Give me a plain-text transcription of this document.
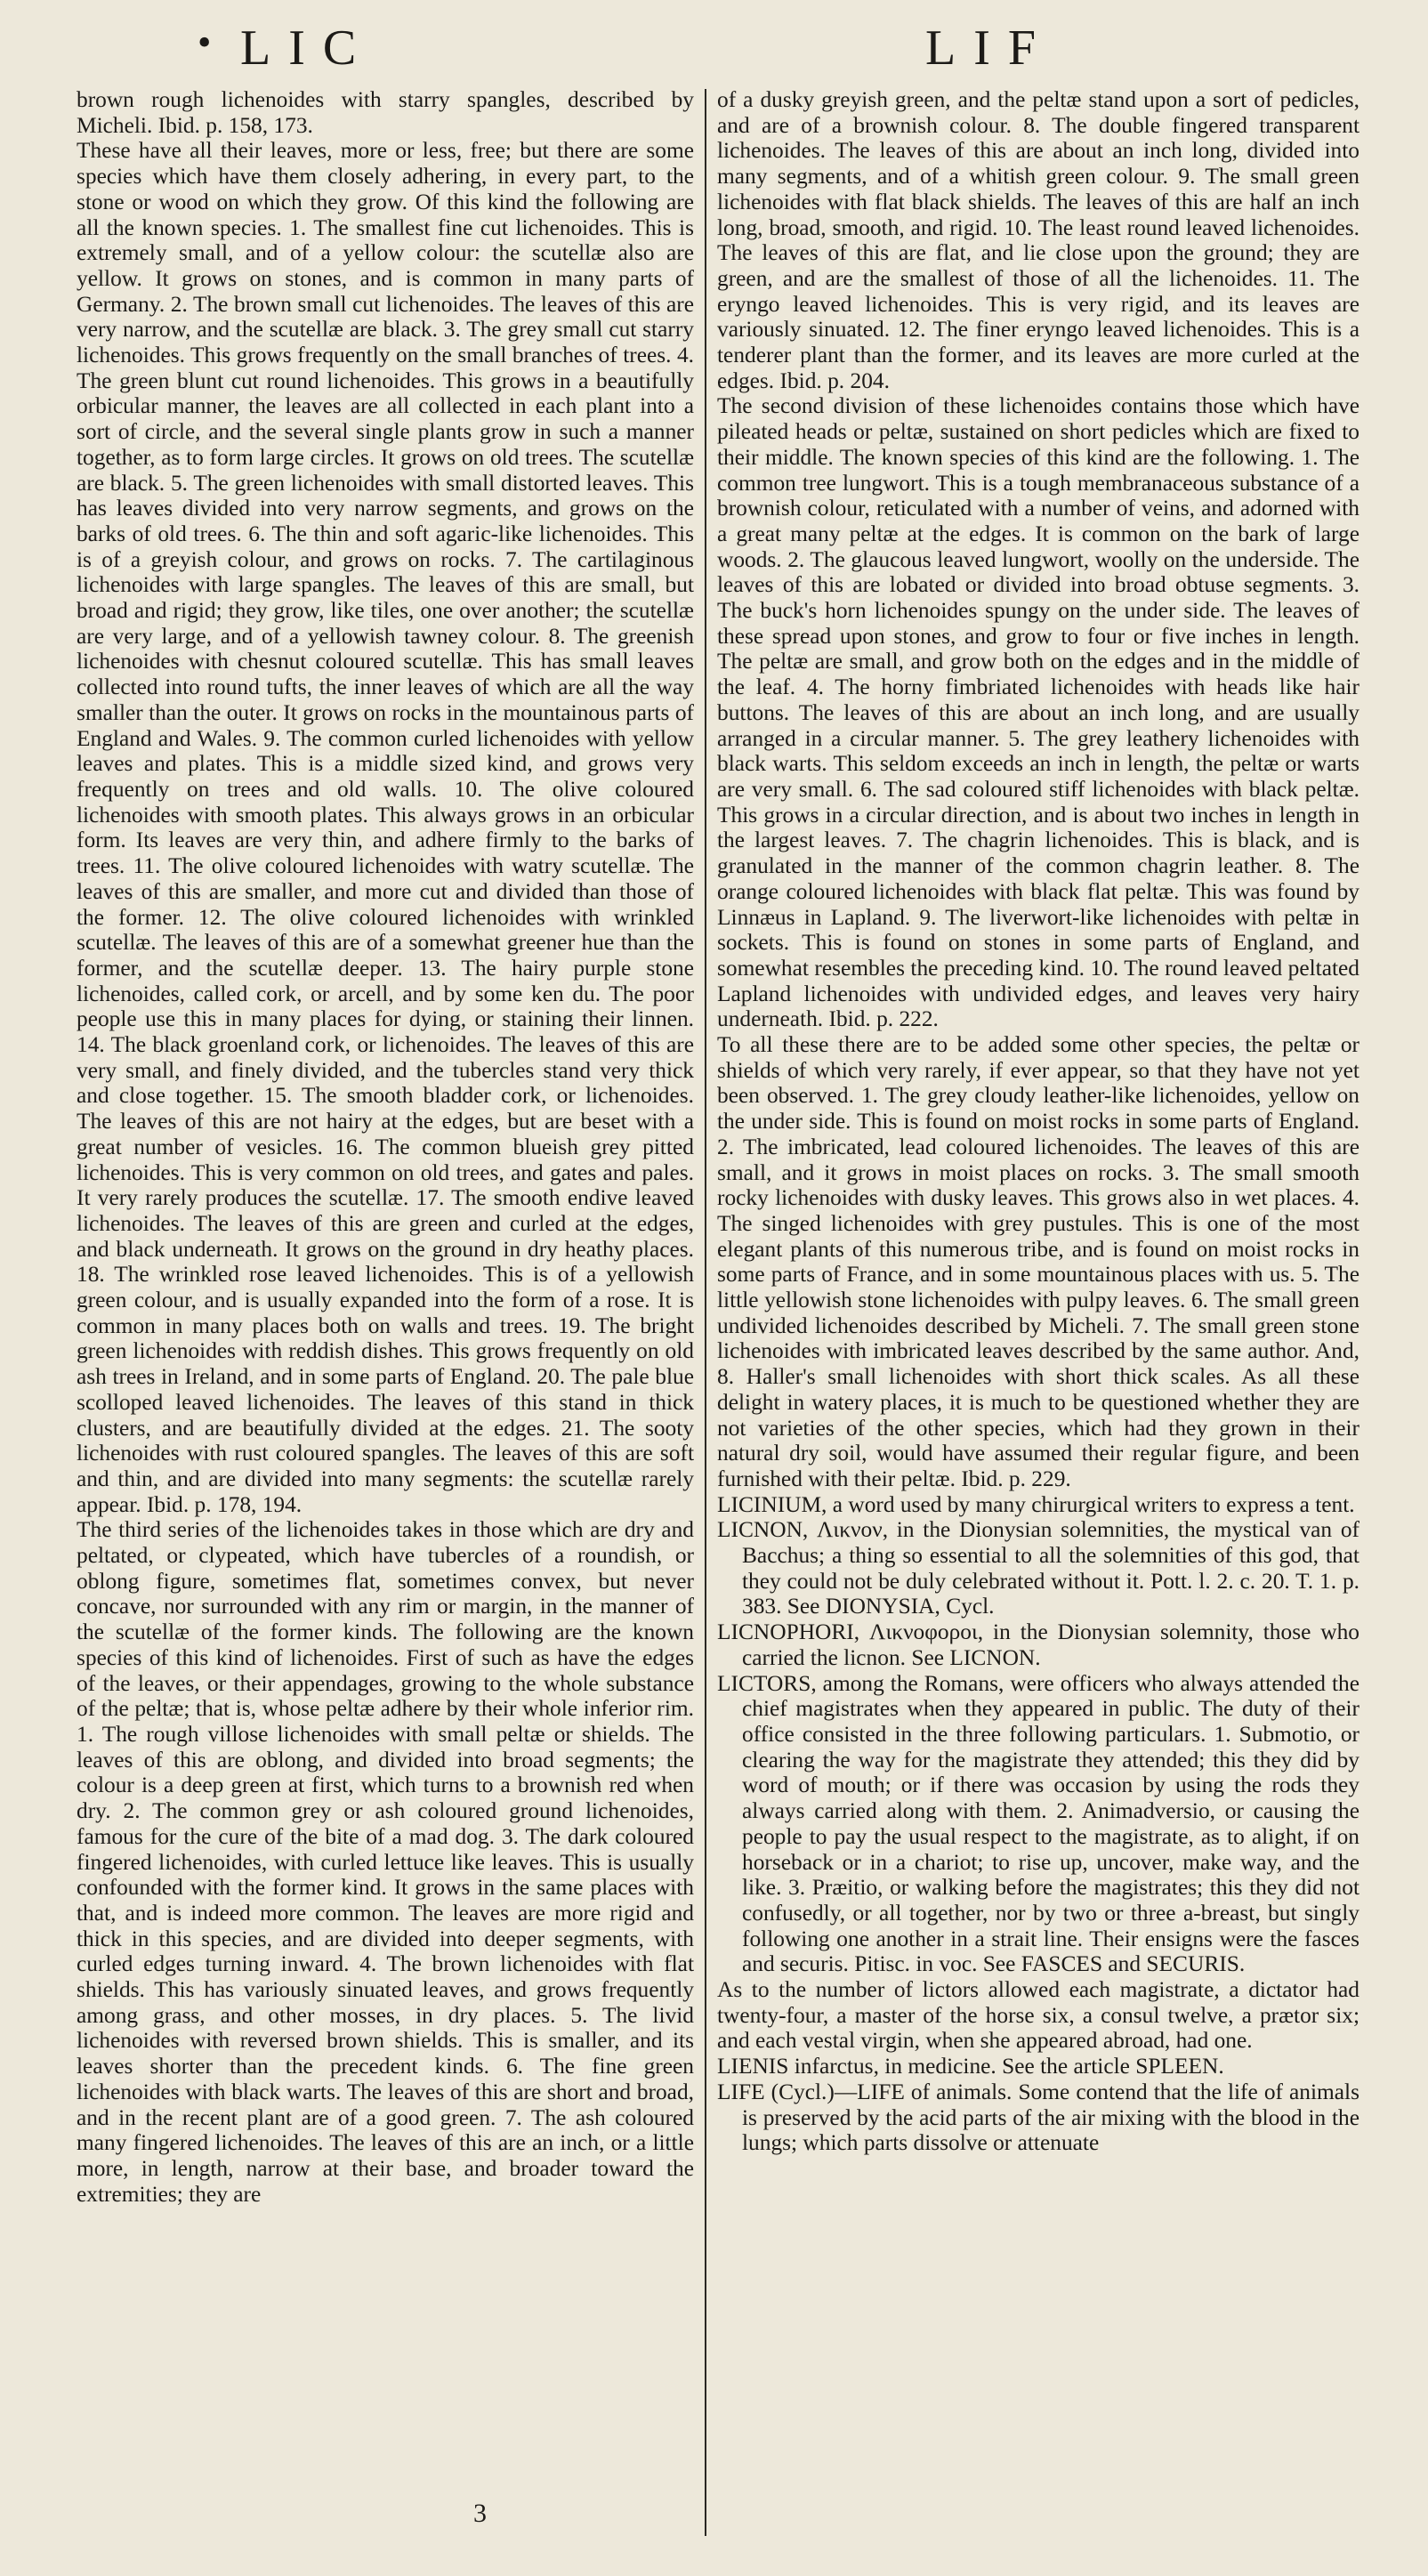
• LIC	LIF

brown rough lichenoides with starry spangles, described by Micheli. Ibid. p. 158, 173.

These have all their leaves, more or less, free; but there are some species which have them closely adhering, in every part, to the stone or wood on which they grow. Of this kind the following are all the known species. 1. The smallest fine cut lichenoides. This is extremely small, and of a yellow colour: the scutellæ also are yellow. It grows on stones, and is common in many parts of Germany. 2. The brown small cut lichenoides. The leaves of this are very narrow, and the scutellæ are black. 3. The grey small cut starry lichenoides. This grows frequently on the small branches of trees. 4. The green blunt cut round lichenoides. This grows in a beautifully orbicular manner, the leaves are all collected in each plant into a sort of circle, and the several single plants grow in such a manner together, as to form large circles. It grows on old trees. The scutellæ are black. 5. The green lichenoides with small distorted leaves. This has leaves divided into very narrow segments, and grows on the barks of old trees. 6. The thin and soft agaric-like lichenoides. This is of a greyish colour, and grows on rocks. 7. The cartilaginous lichenoides with large spangles. The leaves of this are small, but broad and rigid; they grow, like tiles, one over another; the scutellæ are very large, and of a yellowish tawney colour. 8. The greenish lichenoides with chesnut coloured scutellæ. This has small leaves collected into round tufts, the inner leaves of which are all the way smaller than the outer. It grows on rocks in the mountainous parts of England and Wales. 9. The common curled lichenoides with yellow leaves and plates. This is a middle sized kind, and grows very frequently on trees and old walls. 10. The olive coloured lichenoides with smooth plates. This always grows in an orbicular form. Its leaves are very thin, and adhere firmly to the barks of trees. 11. The olive coloured lichenoides with watry scutellæ. The leaves of this are smaller, and more cut and divided than those of the former. 12. The olive coloured lichenoides with wrinkled scutellæ. The leaves of this are of a somewhat greener hue than the former, and the scutellæ deeper. 13. The hairy purple stone lichenoides, called cork, or arcell, and by some ken du. The poor people use this in many places for dying, or staining their linnen. 14. The black groenland cork, or lichenoides. The leaves of this are very small, and finely divided, and the tubercles stand very thick and close together. 15. The smooth bladder cork, or lichenoides. The leaves of this are not hairy at the edges, but are beset with a great number of vesicles. 16. The common blueish grey pitted lichenoides. This is very common on old trees, and gates and pales. It very rarely produces the scutellæ. 17. The smooth endive leaved lichenoides. The leaves of this are green and curled at the edges, and black underneath. It grows on the ground in dry heathy places. 18. The wrinkled rose leaved lichenoides. This is of a yellowish green colour, and is usually expanded into the form of a rose. It is common in many places both on walls and trees. 19. The bright green lichenoides with reddish dishes. This grows frequently on old ash trees in Ireland, and in some parts of England. 20. The pale blue scolloped leaved lichenoides. The leaves of this stand in thick clusters, and are beautifully divided at the edges. 21. The sooty lichenoides with rust coloured spangles. The leaves of this are soft and thin, and are divided into many segments: the scutellæ rarely appear. Ibid. p. 178, 194.

The third series of the lichenoides takes in those which are dry and peltated, or clypeated, which have tubercles of a roundish, or oblong figure, sometimes flat, sometimes convex, but never concave, nor surrounded with any rim or margin, in the manner of the scutellæ of the former kinds. The following are the known species of this kind of lichenoides. First of such as have the edges of the leaves, or their appendages, growing to the whole substance of the peltæ; that is, whose peltæ adhere by their whole inferior rim. 1. The rough villose lichenoides with small peltæ or shields. The leaves of this are oblong, and divided into broad segments; the colour is a deep green at first, which turns to a brownish red when dry. 2. The common grey or ash coloured ground lichenoides, famous for the cure of the bite of a mad dog. 3. The dark coloured fingered lichenoides, with curled lettuce like leaves. This is usually confounded with the former kind. It grows in the same places with that, and is indeed more common. The leaves are more rigid and thick in this species, and are divided into deeper segments, with curled edges turning inward. 4. The brown lichenoides with flat shields. This has variously sinuated leaves, and grows frequently among grass, and other mosses, in dry places. 5. The livid lichenoides with reversed brown shields. This is smaller, and its leaves shorter than the precedent kinds. 6. The fine green lichenoides with black warts. The leaves of this are short and broad, and in the recent plant are of a good green. 7. The ash coloured many fingered lichenoides. The leaves of this are an inch, or a little more, in length, narrow at their base, and broader toward the extremities; they are

of a dusky greyish green, and the peltæ stand upon a sort of pedicles, and are of a brownish colour. 8. The double fingered transparent lichenoides. The leaves of this are about an inch long, divided into many segments, and of a whitish green colour. 9. The small green lichenoides with flat black shields. The leaves of this are half an inch long, broad, smooth, and rigid. 10. The least round leaved lichenoides. The leaves of this are flat, and lie close upon the ground; they are green, and are the smallest of those of all the lichenoides. 11. The eryngo leaved lichenoides. This is very rigid, and its leaves are variously sinuated. 12. The finer eryngo leaved lichenoides. This is a tenderer plant than the former, and its leaves are more curled at the edges. Ibid. p. 204.

The second division of these lichenoides contains those which have pileated heads or peltæ, sustained on short pedicles which are fixed to their middle. The known species of this kind are the following. 1. The common tree lungwort. This is a tough membranaceous substance of a brownish colour, reticulated with a number of veins, and adorned with a great many peltæ at the edges. It is common on the bark of large woods. 2. The glaucous leaved lungwort, woolly on the underside. The leaves of this are lobated or divided into broad obtuse segments. 3. The buck's horn lichenoides spungy on the under side. The leaves of these spread upon stones, and grow to four or five inches in length. The peltæ are small, and grow both on the edges and in the middle of the leaf. 4. The horny fimbriated lichenoides with heads like hair buttons. The leaves of this are about an inch long, and are usually arranged in a circular manner. 5. The grey leathery lichenoides with black warts. This seldom exceeds an inch in length, the peltæ or warts are very small. 6. The sad coloured stiff lichenoides with black peltæ. This grows in a circular direction, and is about two inches in length in the largest leaves. 7. The chagrin lichenoides. This is black, and is granulated in the manner of the common chagrin leather. 8. The orange coloured lichenoides with black flat peltæ. This was found by Linnæus in Lapland. 9. The liverwort-like lichenoides with peltæ in sockets. This is found on stones in some parts of England, and somewhat resembles the preceding kind. 10. The round leaved peltated Lapland lichenoides with undivided edges, and leaves very hairy underneath. Ibid. p. 222.

To all these there are to be added some other species, the peltæ or shields of which very rarely, if ever appear, so that they have not yet been observed. 1. The grey cloudy leather-like lichenoides, yellow on the under side. This is found on moist rocks in some parts of England. 2. The imbricated, lead coloured lichenoides. The leaves of this are small, and it grows in moist places on rocks. 3. The small smooth rocky lichenoides with dusky leaves. This grows also in wet places. 4. The singed lichenoides with grey pustules. This is one of the most elegant plants of this numerous tribe, and is found on moist rocks in some parts of France, and in some mountainous places with us. 5. The little yellowish stone lichenoides with pulpy leaves. 6. The small green undivided lichenoides described by Micheli. 7. The small green stone lichenoides with imbricated leaves described by the same author. And, 8. Haller's small lichenoides with short thick scales. As all these delight in watery places, it is much to be questioned whether they are not varieties of the other species, which had they grown in their natural dry soil, would have assumed their regular figure, and been furnished with their peltæ. Ibid. p. 229.

LICINIUM, a word used by many chirurgical writers to express a tent.

LICNON, Λικνον, in the Dionysian solemnities, the mystical van of Bacchus; a thing so essential to all the solemnities of this god, that they could not be duly celebrated without it. Pott. l. 2. c. 20. T. 1. p. 383. See DIONYSIA, Cycl.

LICNOPHORI, Λικνοφοροι, in the Dionysian solemnity, those who carried the licnon. See LICNON.

LICTORS, among the Romans, were officers who always attended the chief magistrates when they appeared in public. The duty of their office consisted in the three following particulars. 1. Submotio, or clearing the way for the magistrate they attended; this they did by word of mouth; or if there was occasion by using the rods they always carried along with them. 2. Animadversio, or causing the people to pay the usual respect to the magistrate, as to alight, if on horseback or in a chariot; to rise up, uncover, make way, and the like. 3. Præitio, or walking before the magistrates; this they did not confusedly, or all together, nor by two or three a-breast, but singly following one another in a strait line. Their ensigns were the fasces and securis. Pitisc. in voc. See FASCES and SECURIS.

As to the number of lictors allowed each magistrate, a dictator had twenty-four, a master of the horse six, a consul twelve, a prætor six; and each vestal virgin, when she appeared abroad, had one.

LIENIS infarctus, in medicine. See the article SPLEEN.

LIFE (Cycl.)—LIFE of animals. Some contend that the life of animals is preserved by the acid parts of the air mixing with the blood in the lungs; which parts dissolve or attenuate

3
